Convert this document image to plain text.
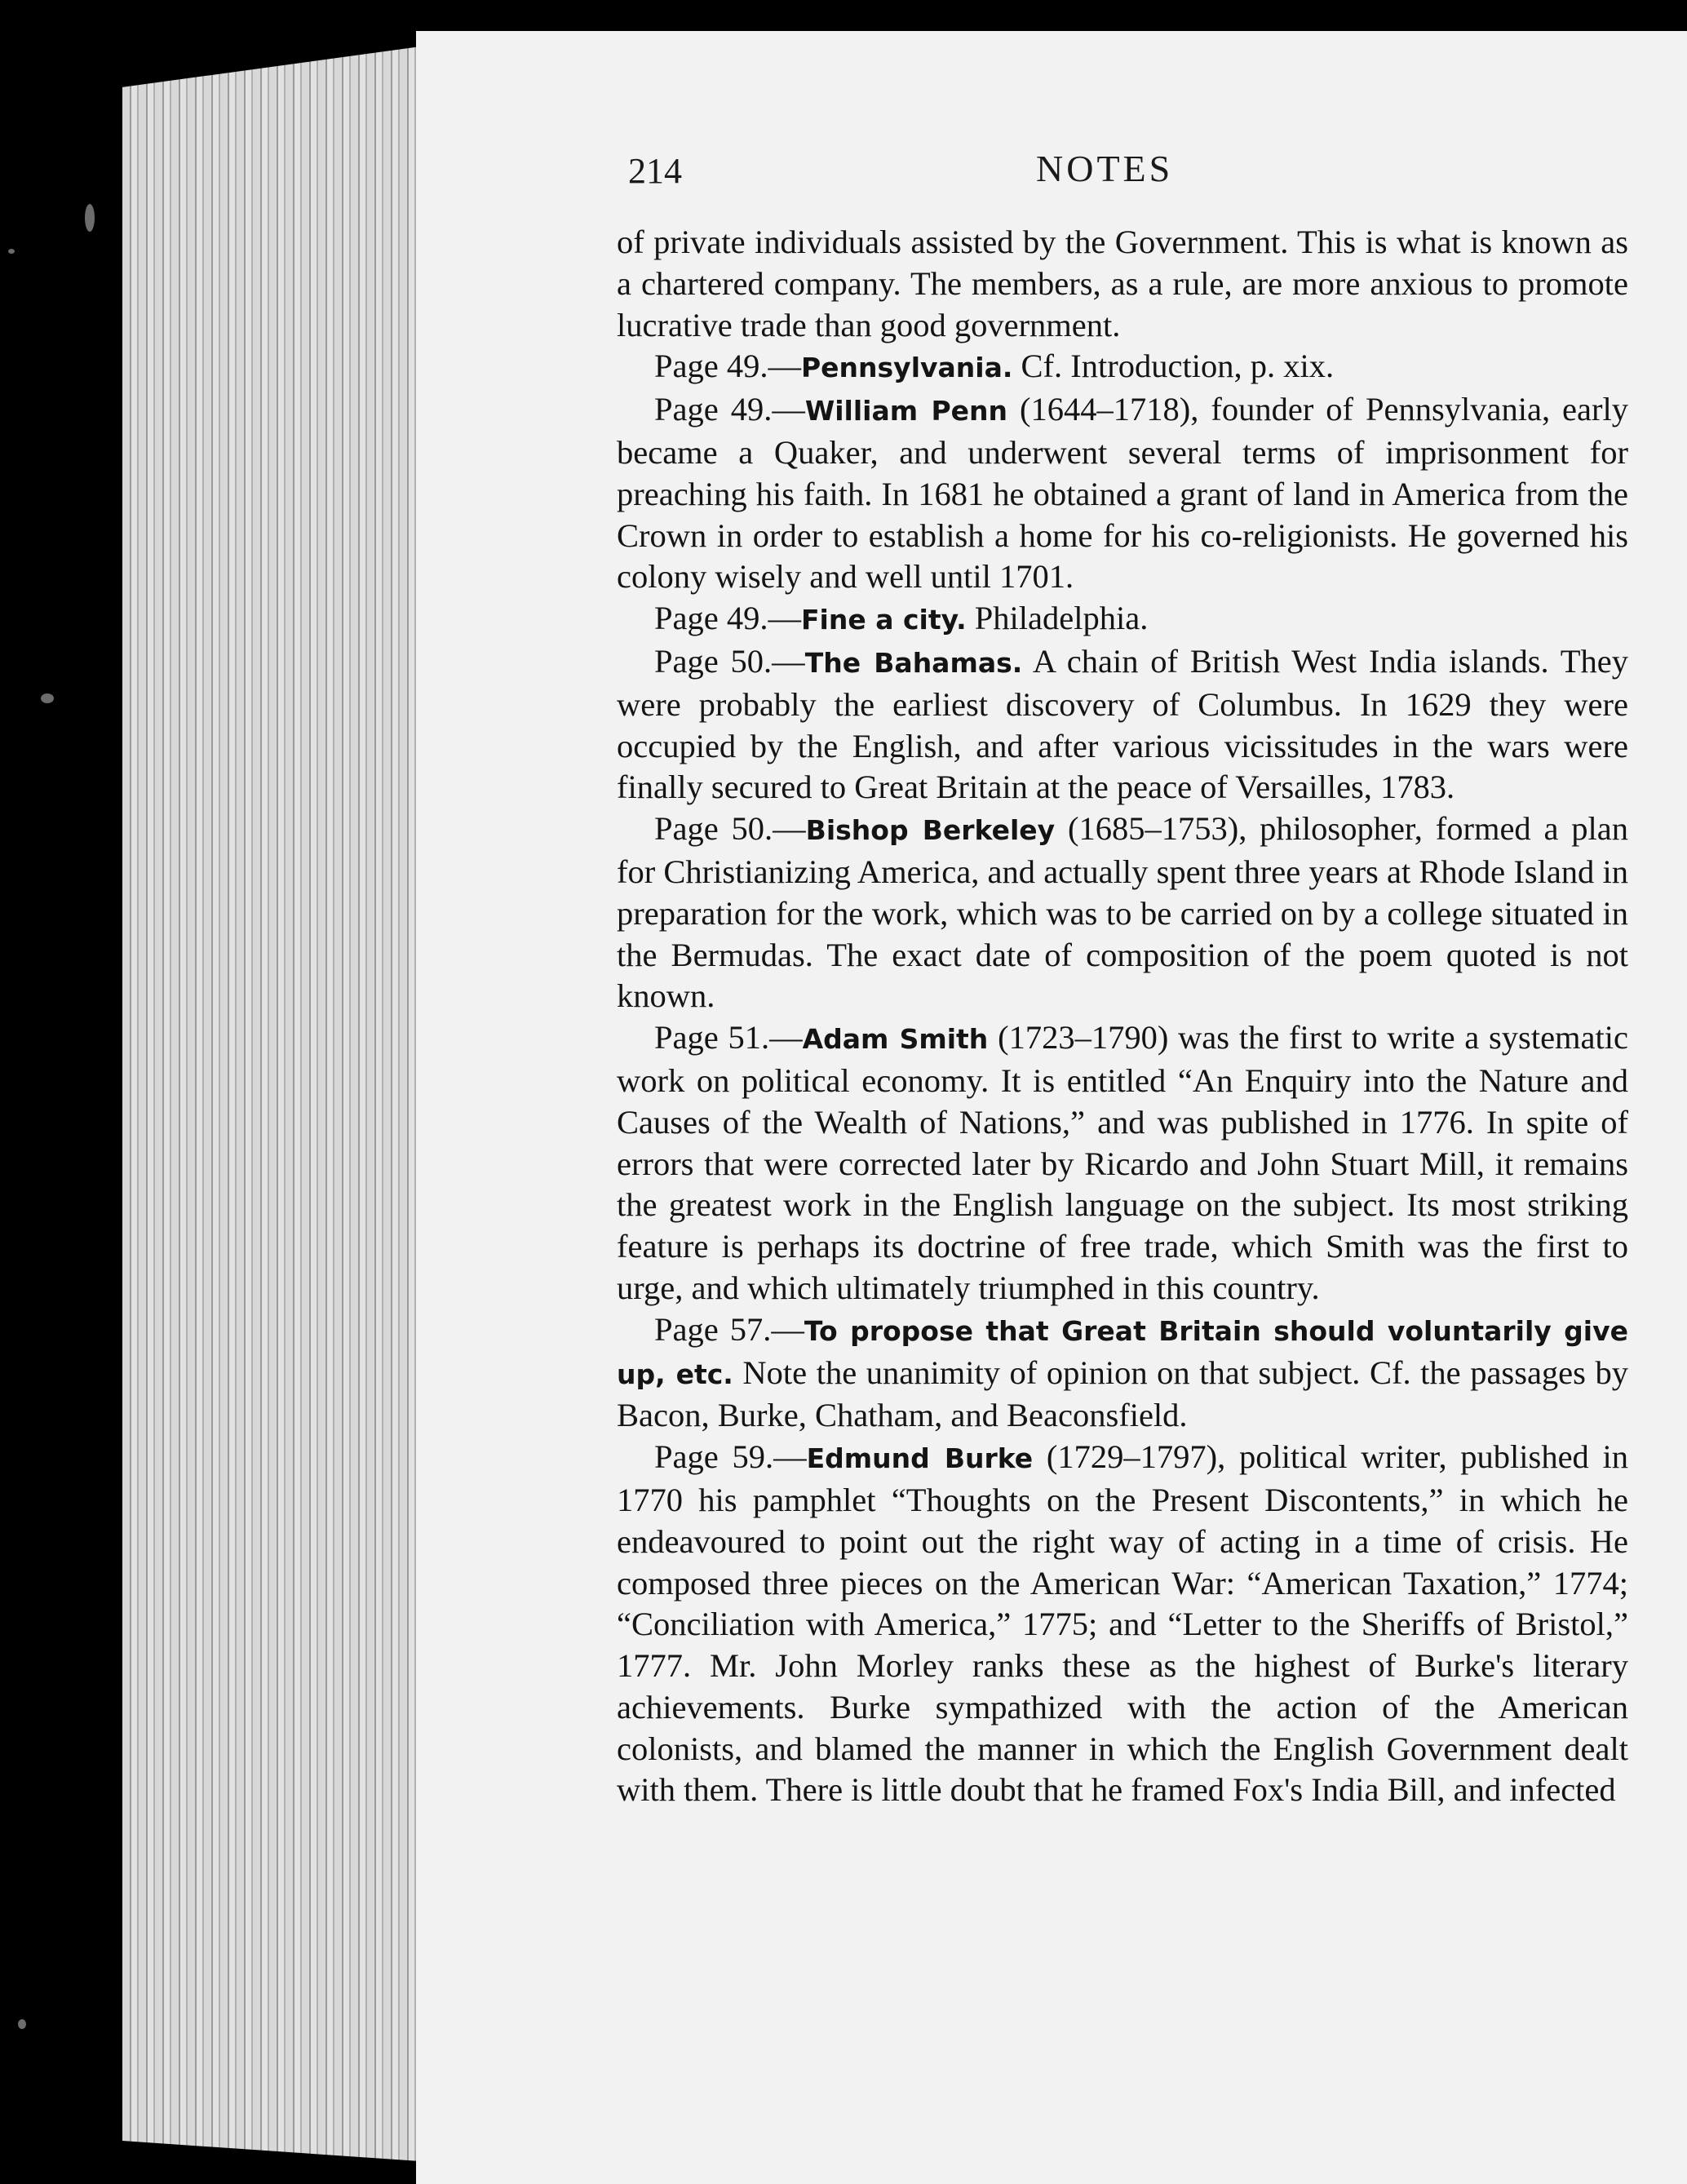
214	NOTES

of private individuals assisted by the Government. This is what is known as a chartered company. The members, as a rule, are more anxious to promote lucrative trade than good government.

Page 49.—Pennsylvania. Cf. Introduction, p. xix.

Page 49.—William Penn (1644–1718), founder of Pennsylvania, early became a Quaker, and underwent several terms of imprisonment for preaching his faith. In 1681 he obtained a grant of land in America from the Crown in order to establish a home for his co-religionists. He governed his colony wisely and well until 1701.

Page 49.—Fine a city. Philadelphia.

Page 50.—The Bahamas. A chain of British West India islands. They were probably the earliest discovery of Columbus. In 1629 they were occupied by the English, and after various vicissitudes in the wars were finally secured to Great Britain at the peace of Versailles, 1783.

Page 50.—Bishop Berkeley (1685–1753), philosopher, formed a plan for Christianizing America, and actually spent three years at Rhode Island in preparation for the work, which was to be carried on by a college situated in the Bermudas. The exact date of composition of the poem quoted is not known.

Page 51.—Adam Smith (1723–1790) was the first to write a systematic work on political economy. It is entitled “An Enquiry into the Nature and Causes of the Wealth of Nations,” and was published in 1776. In spite of errors that were corrected later by Ricardo and John Stuart Mill, it remains the greatest work in the English language on the subject. Its most striking feature is perhaps its doctrine of free trade, which Smith was the first to urge, and which ultimately triumphed in this country.

Page 57.—To propose that Great Britain should voluntarily give up, etc. Note the unanimity of opinion on that subject. Cf. the passages by Bacon, Burke, Chatham, and Beaconsfield.

Page 59.—Edmund Burke (1729–1797), political writer, published in 1770 his pamphlet “Thoughts on the Present Discontents,” in which he endeavoured to point out the right way of acting in a time of crisis. He composed three pieces on the American War: “American Taxation,” 1774; “Conciliation with America,” 1775; and “Letter to the Sheriffs of Bristol,” 1777. Mr. John Morley ranks these as the highest of Burke's literary achievements. Burke sympathized with the action of the American colonists, and blamed the manner in which the English Government dealt with them. There is little doubt that he framed Fox's India Bill, and infected
